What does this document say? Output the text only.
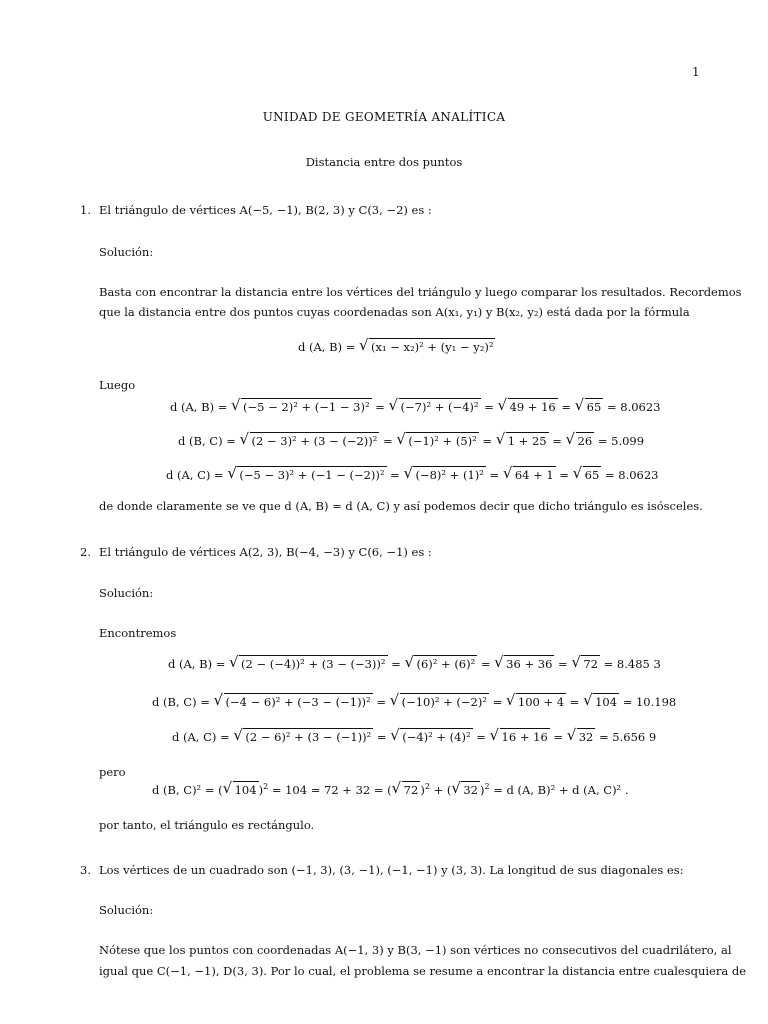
1
UNIDAD DE GEOMETRÍA ANALÍTICA
Distancia entre dos puntos
1. El triángulo de vértices A(−5, −1), B(2, 3) y C(3, −2) es :
Solución:
Basta con encontrar la distancia entre los vértices del triángulo y luego comparar los resultados. Recordemos
que la distancia entre dos puntos cuyas coordenadas son A(x₁, y₁) y B(x₂, y₂) está dada por la fórmula
d (A, B) = √ (x₁ − x₂)² + (y₁ − y₂)²
Luego
d (A, B) = √ (−5 − 2)² + (−1 − 3)² = √ (−7)² + (−4)² = √ 49 + 16 = √ 65 = 8.0623
d (B, C) = √ (2 − 3)² + (3 − (−2))² = √ (−1)² + (5)² = √ 1 + 25 = √ 26 = 5.099
d (A, C) = √ (−5 − 3)² + (−1 − (−2))² = √ (−8)² + (1)² = √ 64 + 1 = √ 65 = 8.0623
de donde claramente se ve que d (A, B) = d (A, C) y así podemos decir que dicho triángulo es isósceles.
2. El triángulo de vértices A(2, 3), B(−4, −3) y C(6, −1) es :
Solución:
Encontremos
d (A, B) = √ (2 − (−4))² + (3 − (−3))² = √ (6)² + (6)² = √ 36 + 36 = √ 72 = 8.485 3
d (B, C) = √ (−4 − 6)² + (−3 − (−1))² = √ (−10)² + (−2)² = √ 100 + 4 = √ 104 = 10.198
d (A, C) = √ (2 − 6)² + (3 − (−1))² = √ (−4)² + (4)² = √ 16 + 16 = √ 32 = 5.656 9
pero
d (B, C)² = ( √ 104 )$^2$ = 104 = 72 + 32 = ( √ 72 )$^2$ + ( √ 32 )$^2$ = d (A, B)² + d (A, C)² .
por tanto, el triángulo es rectángulo.
3. Los vértices de un cuadrado son (−1, 3), (3, −1), (−1, −1) y (3, 3). La longitud de sus diagonales es:
Solución:
Nótese que los puntos con coordenadas A(−1, 3) y B(3, −1) son vértices no consecutivos del cuadrilátero, al
igual que C(−1, −1), D(3, 3). Por lo cual, el problema se resume a encontrar la distancia entre cualesquiera de
